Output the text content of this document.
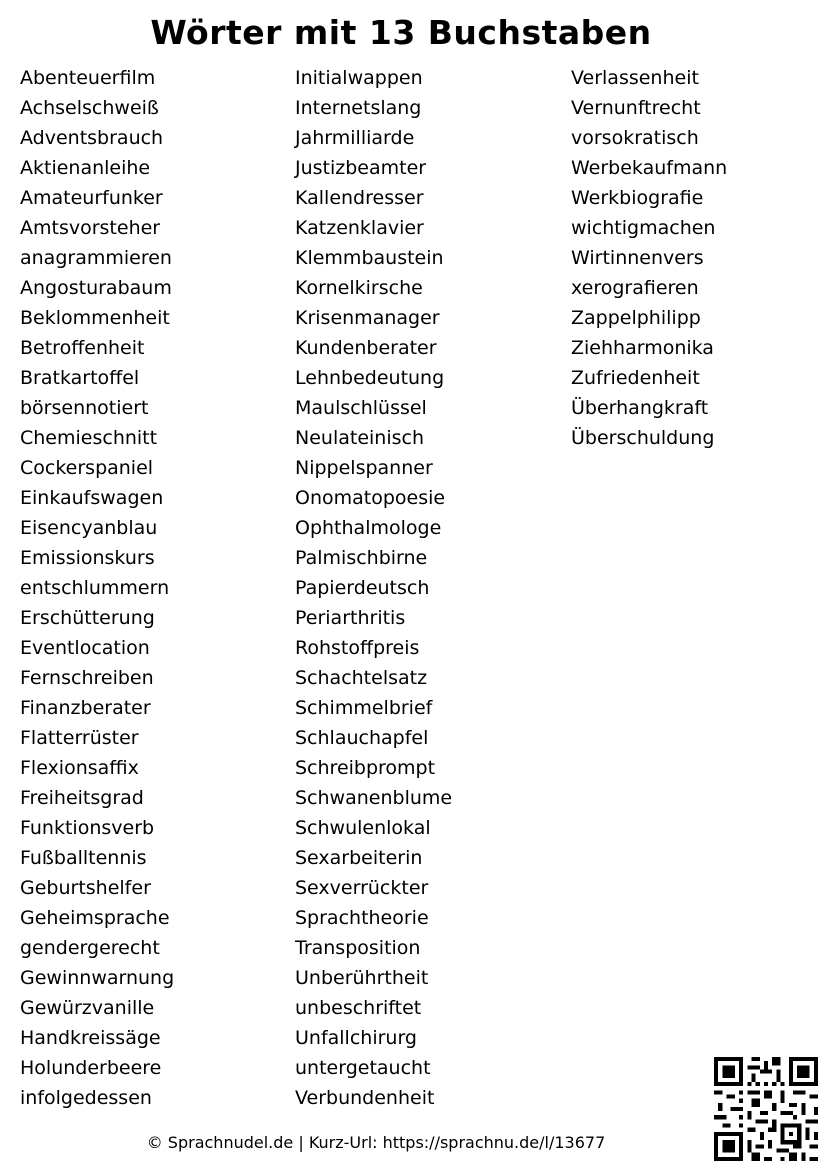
Wörter mit 13 Buchstaben
Abenteuerfilm
Achselschweiß
Adventsbrauch
Aktienanleihe
Amateurfunker
Amtsvorsteher
anagrammieren
Angosturabaum
Beklommenheit
Betroffenheit
Bratkartoffel
börsennotiert
Chemieschnitt
Cockerspaniel
Einkaufswagen
Eisencyanblau
Emissionskurs
entschlummern
Erschütterung
Eventlocation
Fernschreiben
Finanzberater
Flatterrüster
Flexionsaffix
Freiheitsgrad
Funktionsverb
Fußballtennis
Geburtshelfer
Geheimsprache
gendergerecht
Gewinnwarnung
Gewürzvanille
Handkreissäge
Holunderbeere
infolgedessen
Initialwappen
Internetslang
Jahrmilliarde
Justizbeamter
Kallendresser
Katzenklavier
Klemmbaustein
Kornelkirsche
Krisenmanager
Kundenberater
Lehnbedeutung
Maulschlüssel
Neulateinisch
Nippelspanner
Onomatopoesie
Ophthalmologe
Palmischbirne
Papierdeutsch
Periarthritis
Rohstoffpreis
Schachtelsatz
Schimmelbrief
Schlauchapfel
Schreibprompt
Schwanenblume
Schwulenlokal
Sexarbeiterin
Sexverrückter
Sprachtheorie
Transposition
Unberührtheit
unbeschriftet
Unfallchirurg
untergetaucht
Verbundenheit
Verlassenheit
Vernunftrecht
vorsokratisch
Werbekaufmann
Werkbiografie
wichtigmachen
Wirtinnenvers
xerografieren
Zappelphilipp
Ziehharmonika
Zufriedenheit
Überhangkraft
Überschuldung
© Sprachnudel.de | Kurz-Url: https://sprachnu.de/l/13677
